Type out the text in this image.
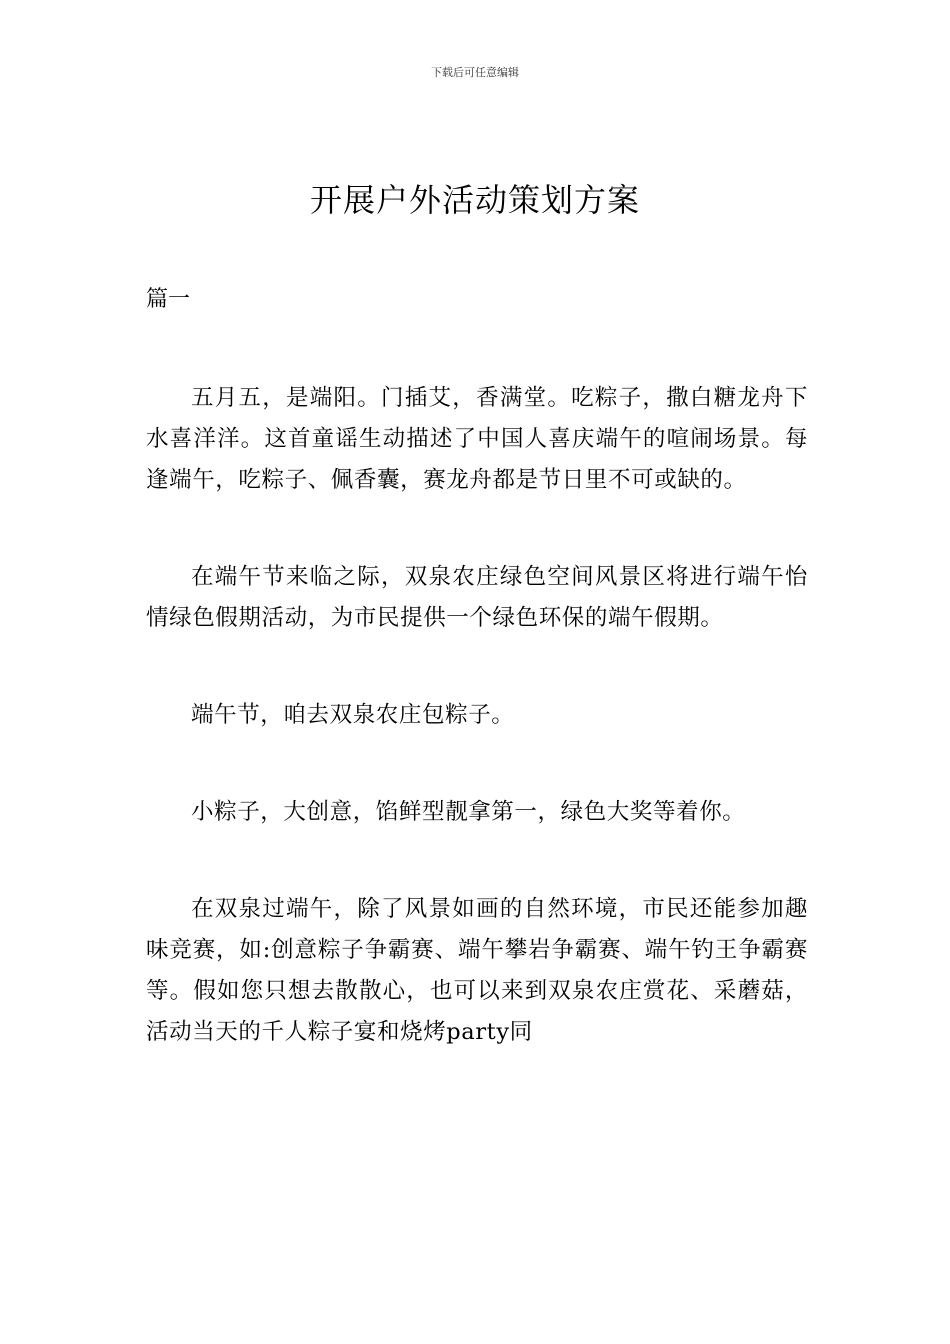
下载后可任意编辑
开展户外活动策划方案

篇一

五月五，是端阳。门插艾，香满堂。吃粽子，撒白糖龙舟下水喜洋洋。这首童谣生动描述了中国人喜庆端午的喧闹场景。每逢端午，吃粽子、佩香囊，赛龙舟都是节日里不可或缺的。

在端午节来临之际，双泉农庄绿色空间风景区将进行端午怡情绿色假期活动，为市民提供一个绿色环保的端午假期。

端午节，咱去双泉农庄包粽子。

小粽子，大创意，馅鲜型靓拿第一，绿色大奖等着你。

在双泉过端午，除了风景如画的自然环境，市民还能参加趣味竞赛，如:创意粽子争霸赛、端午攀岩争霸赛、端午钓王争霸赛等。假如您只想去散散心，也可以来到双泉农庄赏花、采蘑菇，活动当天的千人粽子宴和烧烤party同
